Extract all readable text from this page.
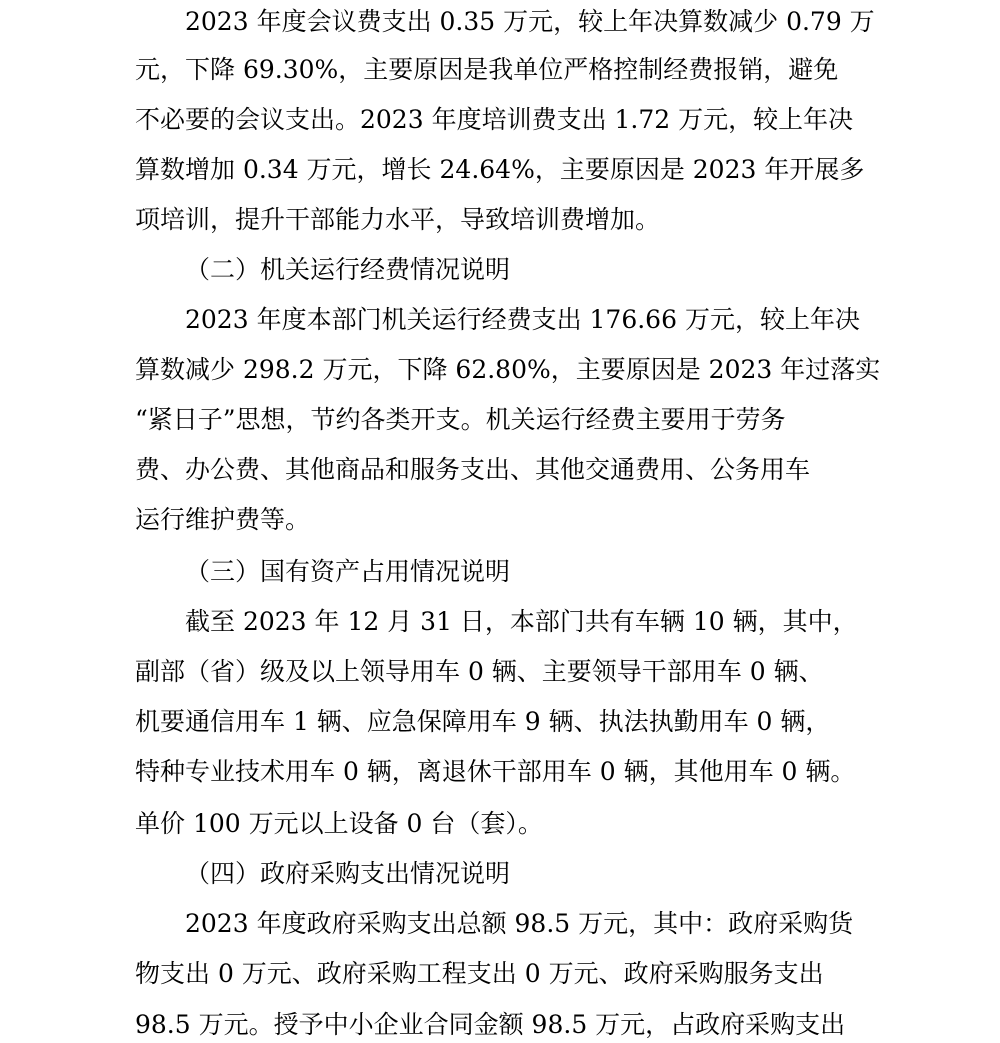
2023 年度会议费支出 0.35 万元，较上年决算数减少 0.79 万
元，下降 69.30%，主要原因是我单位严格控制经费报销，避免
不必要的会议支出。2023 年度培训费支出 1.72 万元，较上年决
算数增加 0.34 万元，增长 24.64%，主要原因是 2023 年开展多
项培训，提升干部能力水平，导致培训费增加。
（二）机关运行经费情况说明
2023 年度本部门机关运行经费支出 176.66 万元，较上年决
算数减少 298.2 万元，下降 62.80%，主要原因是 2023 年过落实
“紧日子”思想，节约各类开支。机关运行经费主要用于劳务
费、办公费、其他商品和服务支出、其他交通费用、公务用车
运行维护费等。
（三）国有资产占用情况说明
截至 2023 年 12 月 31 日，本部门共有车辆 10 辆，其中，
副部（省）级及以上领导用车 0 辆、主要领导干部用车 0 辆、
机要通信用车 1 辆、应急保障用车 9 辆、执法执勤用车 0 辆，
特种专业技术用车 0 辆，离退休干部用车 0 辆，其他用车 0 辆。
单价 100 万元以上设备 0 台（套）。
（四）政府采购支出情况说明
2023 年度政府采购支出总额 98.5 万元，其中：政府采购货
物支出 0 万元、政府采购工程支出 0 万元、政府采购服务支出
98.5 万元。授予中小企业合同金额 98.5 万元，占政府采购支出
